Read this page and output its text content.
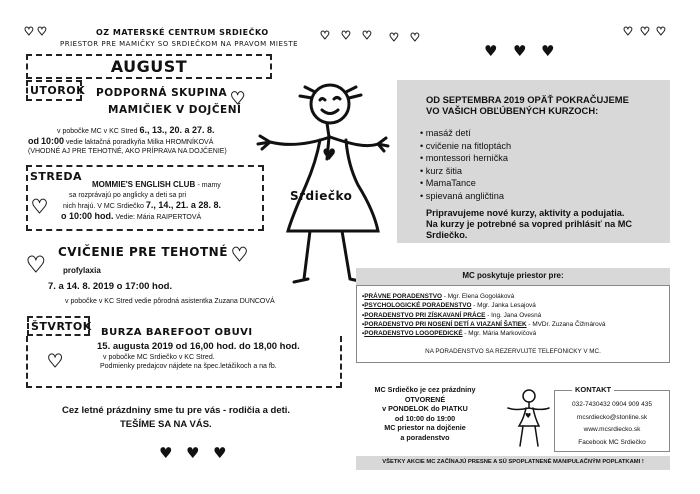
♥ ♥	♥ ♥ ♥ ♥ ♥
♥ ♥ ♥
♥ ♥ ♥
♥
♥
♥	♥
♥
♥ ♥ ♥
OZ MATERSKÉ CENTRUM SRDIEČKO
PRIESTOR PRE MAMIČKY SO SRDIEČKOM NA PRAVOM MIESTE
AUGUST
UTOROK PODPORNÁ SKUPINA
MAMIČIEK V DOJČENÍ
v pobočke MC v KC Stred 6., 13., 20. a 27. 8.
od 10:00 vedie laktačná poradkyňa Milka HROMNÍKOVÁ
(VHODNÉ AJ PRE TEHOTNÉ, AKO PRÍPRAVA NA DOJČENIE)
STREDA
MOMMIE'S ENGLISH CLUB - mamy
sa rozprávajú po anglicky a deti sa pri
nich hrajú. V MC Srdiečko 7., 14., 21. a 28. 8.
o 10:00 hod. Vedie: Mária RAIPERTOVÁ
CVIČENIE PRE TEHOTNÉ
profylaxia
7. a 14. 8. 2019 o 17:00 hod.
v pobočke v KC Stred vedie pôrodná asistentka Zuzana DUNCOVÁ
ŠTVRTOK BURZA BAREFOOT OBUVI
15. augusta 2019 od 16,00 hod. do 18,00 hod.
v pobočke MC Srdiečko v KC Stred.
Podmienky predajcov nájdete na špec.letáčikoch a na fb.
Cez letné prázdniny sme tu pre vás - rodičia a deti.
TEŠÍME SA NA VÁS.
♥
Srdiečko
OD SEPTEMBRA 2019 OPÄŤ POKRAČUJEME
VO VAŠICH OBĽÚBENÝCH KURZOCH:
• masáž detí
• cvičenie na fitloptách
• montessori hernička
• kurz šitia
• MamaTance
• spievaná angličtina
Pripravujeme nové kurzy, aktivity a podujatia.
Na kurzy je potrebné sa vopred prihlásiť na MC
Srdiečko.
MC poskytuje priestor pre:
• PRÁVNE PORADENSTVO - Mgr. Elena Gogoláková
• PSYCHOLOGICKÉ PORADENSTVO - Mgr. Janka Lesajová
• PORADENSTVO PRI ZÍSKAVANÍ PRÁCE - Ing. Jana Ovesná
• PORADENSTVO PRI NOSENÍ DETÍ A VIAZANÍ ŠATIEK - MVDr. Zuzana Čižmárová
• PORADENSTVO LOGOPEDICKÉ - Mgr. Mária Markovičová
NA PORADENSTVO SA REZERVUJTE TELEFONICKY V MC.
MC Srdiečko je cez prázdniny
OTVORENÉ
v PONDELOK do PIATKU
od 10:00 do 19:00
MC priestor na dojčenie
a poradenstvo
♥
KONTAKT
032-7430432 0904 909 435
mcsrdiecko@stonline.sk
www.mcsrdiecko.sk
Facebook MC Srdiečko
VŠETKY AKCIE MC ZAČÍNAJÚ PRESNE A SÚ SPOPLATNENÉ MANIPULAČNÝM POPLATKAMI !
